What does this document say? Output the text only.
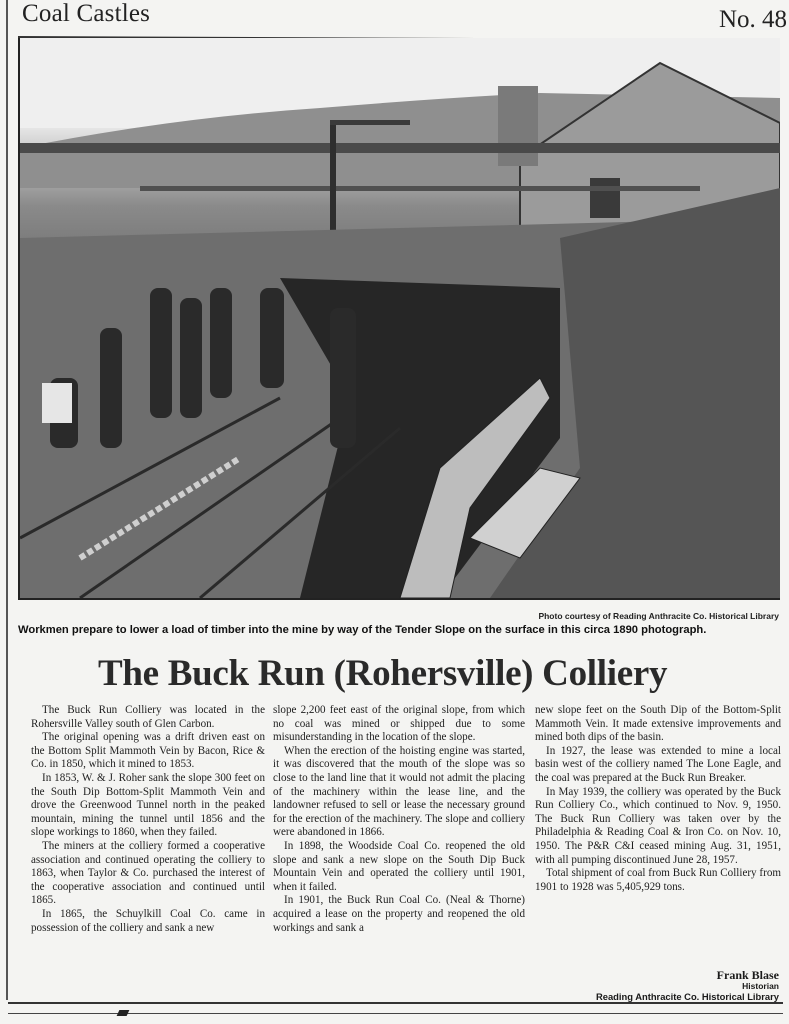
Coal Castles	No. 48
Photo courtesy of Reading Anthracite Co. Historical Library
Workmen prepare to lower a load of timber into the mine by way of the Tender Slope on the surface in this circa 1890 photograph.
The Buck Run (Rohersville) Colliery

The Buck Run Colliery was located in the Rohersville Valley south of Glen Carbon.

The original opening was a drift driven east on the Bottom Split Mammoth Vein by Bacon, Rice & Co. in 1850, which it mined to 1853.

In 1853, W. & J. Roher sank the slope 300 feet on the South Dip Bottom-Split Mammoth Vein and drove the Greenwood Tunnel north in the peaked mountain, mining the tunnel until 1856 and the slope workings to 1860, when they failed.

The miners at the colliery formed a cooperative association and continued operating the colliery to 1863, when Taylor & Co. purchased the interest of the cooperative association and continued until 1865.

In 1865, the Schuylkill Coal Co. came in possession of the colliery and sank a new

slope 2,200 feet east of the original slope, from which no coal was mined or shipped due to some misunderstanding in the location of the slope.

When the erection of the hoisting engine was started, it was discovered that the mouth of the slope was so close to the land line that it would not admit the placing of the machinery within the lease line, and the landowner refused to sell or lease the necessary ground for the erection of the machinery. The slope and colliery were abandoned in 1866.

In 1898, the Woodside Coal Co. reopened the old slope and sank a new slope on the South Dip Buck Mountain Vein and operated the colliery until 1901, when it failed.

In 1901, the Buck Run Coal Co. (Neal & Thorne) acquired a lease on the property and reopened the old workings and sank a

new slope feet on the South Dip of the Bottom-Split Mammoth Vein. It made extensive improvements and mined both dips of the basin.

In 1927, the lease was extended to mine a local basin west of the colliery named The Lone Eagle, and the coal was prepared at the Buck Run Breaker.

In May 1939, the colliery was operated by the Buck Run Colliery Co., which continued to Nov. 9, 1950. The Buck Run Colliery was taken over by the Philadelphia & Reading Coal & Iron Co. on Nov. 10, 1950. The P&R C&I ceased mining Aug. 31, 1951, with all pumping discontinued June 28, 1957.

Total shipment of coal from Buck Run Colliery from 1901 to 1928 was 5,405,929 tons.

Frank Blase
Historian
Reading Anthracite Co. Historical Library
